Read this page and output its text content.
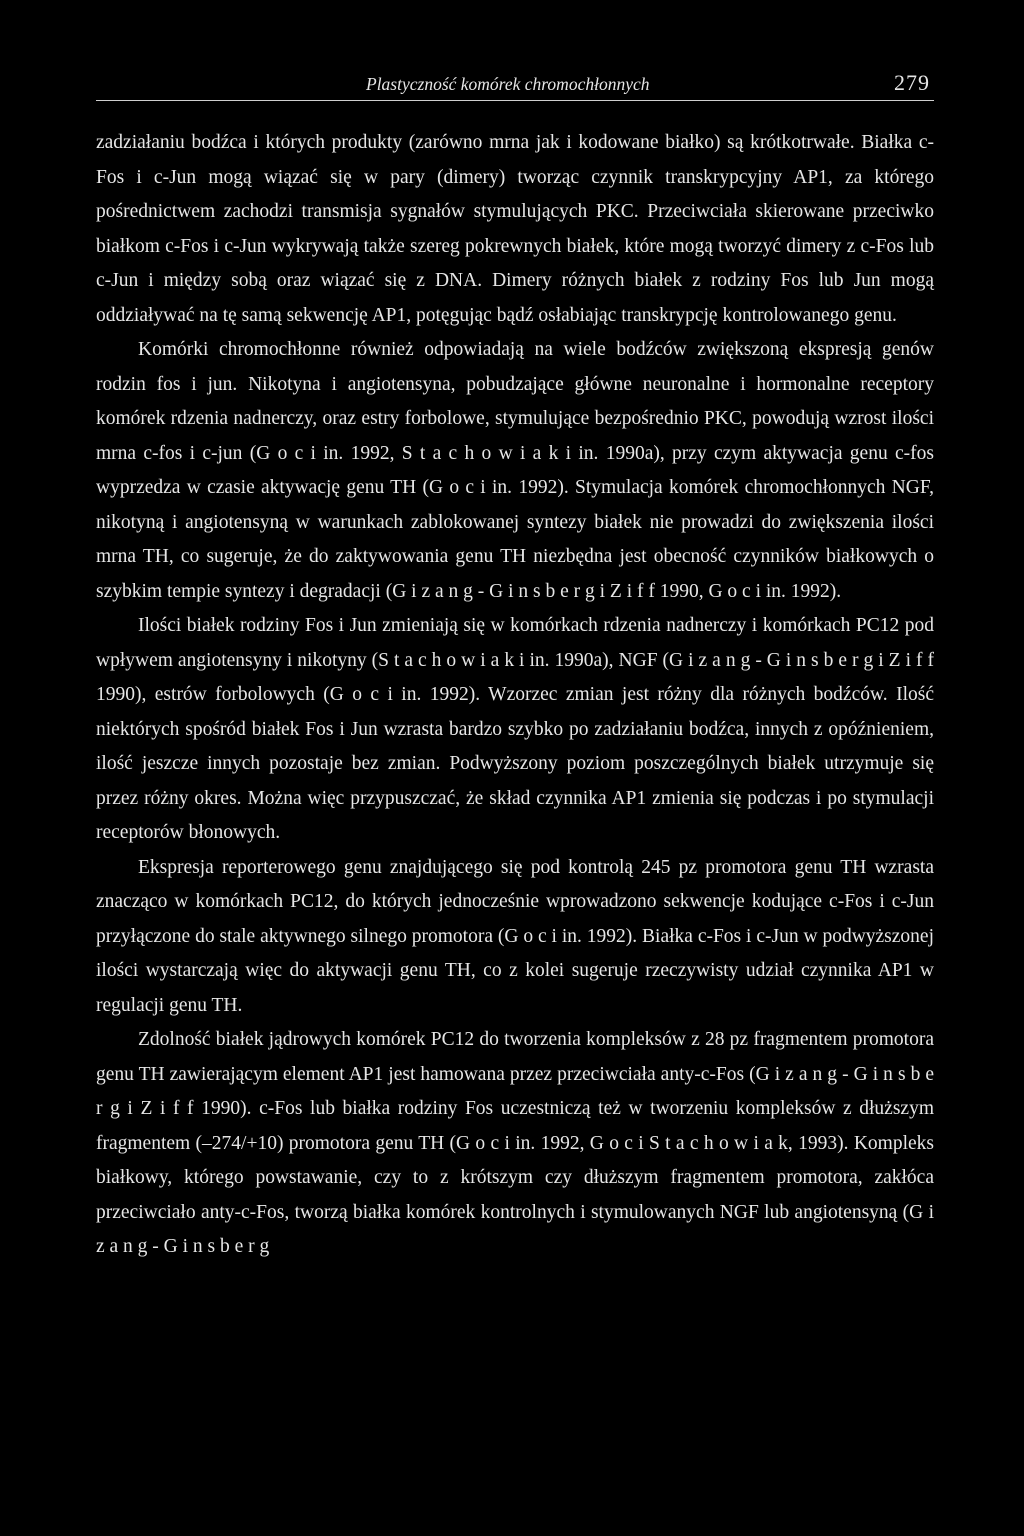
Plastyczność komórek chromochłonnych	279

zadziałaniu bodźca i których produkty (zarówno mrna jak i kodowane białko) są krótkotrwałe. Białka c-Fos i c-Jun mogą wiązać się w pary (dimery) tworząc czynnik transkrypcyjny AP1, za którego pośrednictwem zachodzi transmisja sygnałów stymulujących PKC. Przeciwciała skierowane przeciwko białkom c-Fos i c-Jun wykrywają także szereg pokrewnych białek, które mogą tworzyć dimery z c-Fos lub c-Jun i między sobą oraz wiązać się z DNA. Dimery różnych białek z rodziny Fos lub Jun mogą oddziaływać na tę samą sekwencję AP1, potęgując bądź osłabiając transkrypcję kontrolowanego genu.

Komórki chromochłonne również odpowiadają na wiele bodźców zwiększoną ekspresją genów rodzin fos i jun. Nikotyna i angiotensyna, pobudzające główne neuronalne i hormonalne receptory komórek rdzenia nadnerczy, oraz estry forbolowe, stymulujące bezpośrednio PKC, powodują wzrost ilości mrna c-fos i c-jun (G o c i in. 1992, S t a c h o w i a k i in. 1990a), przy czym aktywacja genu c-fos wyprzedza w czasie aktywację genu TH (G o c i in. 1992). Stymulacja komórek chromochłonnych NGF, nikotyną i angiotensyną w warunkach zablokowanej syntezy białek nie prowadzi do zwiększenia ilości mrna TH, co sugeruje, że do zaktywowania genu TH niezbędna jest obecność czynników białkowych o szybkim tempie syntezy i degradacji (G i z a n g - G i n s b e r g i Z i f f 1990, G o c i in. 1992).

Ilości białek rodziny Fos i Jun zmieniają się w komórkach rdzenia nadnerczy i komórkach PC12 pod wpływem angiotensyny i nikotyny (S t a c h o w i a k i in. 1990a), NGF (G i z a n g - G i n s b e r g i Z i f f 1990), estrów forbolowych (G o c i in. 1992). Wzorzec zmian jest różny dla różnych bodźców. Ilość niektórych spośród białek Fos i Jun wzrasta bardzo szybko po zadziałaniu bodźca, innych z opóźnieniem, ilość jeszcze innych pozostaje bez zmian. Podwyższony poziom poszczególnych białek utrzymuje się przez różny okres. Można więc przypuszczać, że skład czynnika AP1 zmienia się podczas i po stymulacji receptorów błonowych.

Ekspresja reporterowego genu znajdującego się pod kontrolą 245 pz promotora genu TH wzrasta znacząco w komórkach PC12, do których jednocześnie wprowadzono sekwencje kodujące c-Fos i c-Jun przyłączone do stale aktywnego silnego promotora (G o c i in. 1992). Białka c-Fos i c-Jun w podwyższonej ilości wystarczają więc do aktywacji genu TH, co z kolei sugeruje rzeczywisty udział czynnika AP1 w regulacji genu TH.

Zdolność białek jądrowych komórek PC12 do tworzenia kompleksów z 28 pz fragmentem promotora genu TH zawierającym element AP1 jest hamowana przez przeciwciała anty-c-Fos (G i z a n g - G i n s b e r g i Z i f f 1990). c-Fos lub białka rodziny Fos uczestniczą też w tworzeniu kompleksów z dłuższym fragmentem (–274/+10) promotora genu TH (G o c i in. 1992, G o c i S t a c h o w i a k, 1993). Kompleks białkowy, którego powstawanie, czy to z krótszym czy dłuższym fragmentem promotora, zakłóca przeciwciało anty-c-Fos, tworzą białka komórek kontrolnych i stymulowanych NGF lub angiotensyną (G i z a n g - G i n s b e r g
